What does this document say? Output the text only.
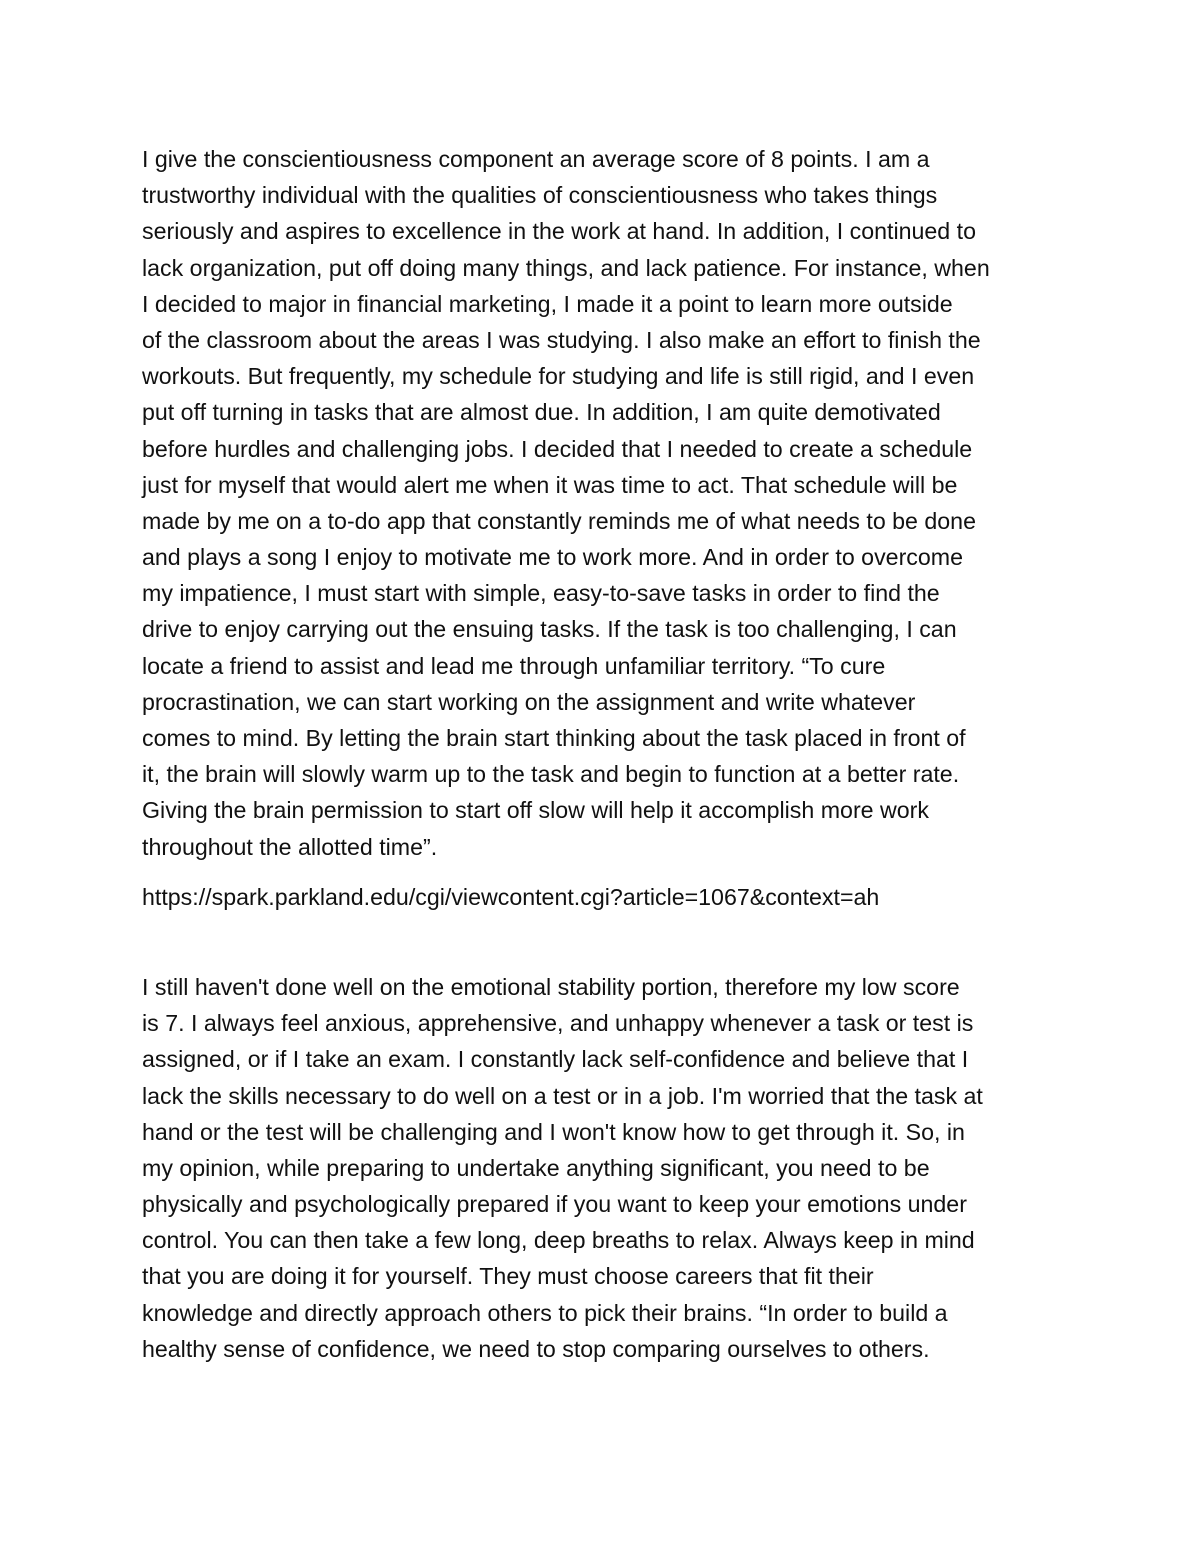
I give the conscientiousness component an average score of 8 points. I am a
trustworthy individual with the qualities of conscientiousness who takes things
seriously and aspires to excellence in the work at hand. In addition, I continued to
lack organization, put off doing many things, and lack patience. For instance, when
I decided to major in financial marketing, I made it a point to learn more outside
of the classroom about the areas I was studying. I also make an effort to finish the
workouts. But frequently, my schedule for studying and life is still rigid, and I even
put off turning in tasks that are almost due. In addition, I am quite demotivated
before hurdles and challenging jobs. I decided that I needed to create a schedule
just for myself that would alert me when it was time to act. That schedule will be
made by me on a to-do app that constantly reminds me of what needs to be done
and plays a song I enjoy to motivate me to work more. And in order to overcome
my impatience, I must start with simple, easy-to-save tasks in order to find the
drive to enjoy carrying out the ensuing tasks. If the task is too challenging, I can
locate a friend to assist and lead me through unfamiliar territory. “To cure
procrastination, we can start working on the assignment and write whatever
comes to mind. By letting the brain start thinking about the task placed in front of
it, the brain will slowly warm up to the task and begin to function at a better rate.
Giving the brain permission to start off slow will help it accomplish more work
throughout the allotted time”.
https://spark.parkland.edu/cgi/viewcontent.cgi?article=1067&context=ah
I still haven't done well on the emotional stability portion, therefore my low score
is 7. I always feel anxious, apprehensive, and unhappy whenever a task or test is
assigned, or if I take an exam. I constantly lack self-confidence and believe that I
lack the skills necessary to do well on a test or in a job. I'm worried that the task at
hand or the test will be challenging and I won't know how to get through it. So, in
my opinion, while preparing to undertake anything significant, you need to be
physically and psychologically prepared if you want to keep your emotions under
control. You can then take a few long, deep breaths to relax. Always keep in mind
that you are doing it for yourself. They must choose careers that fit their
knowledge and directly approach others to pick their brains. “In order to build a
healthy sense of confidence, we need to stop comparing ourselves to others.
